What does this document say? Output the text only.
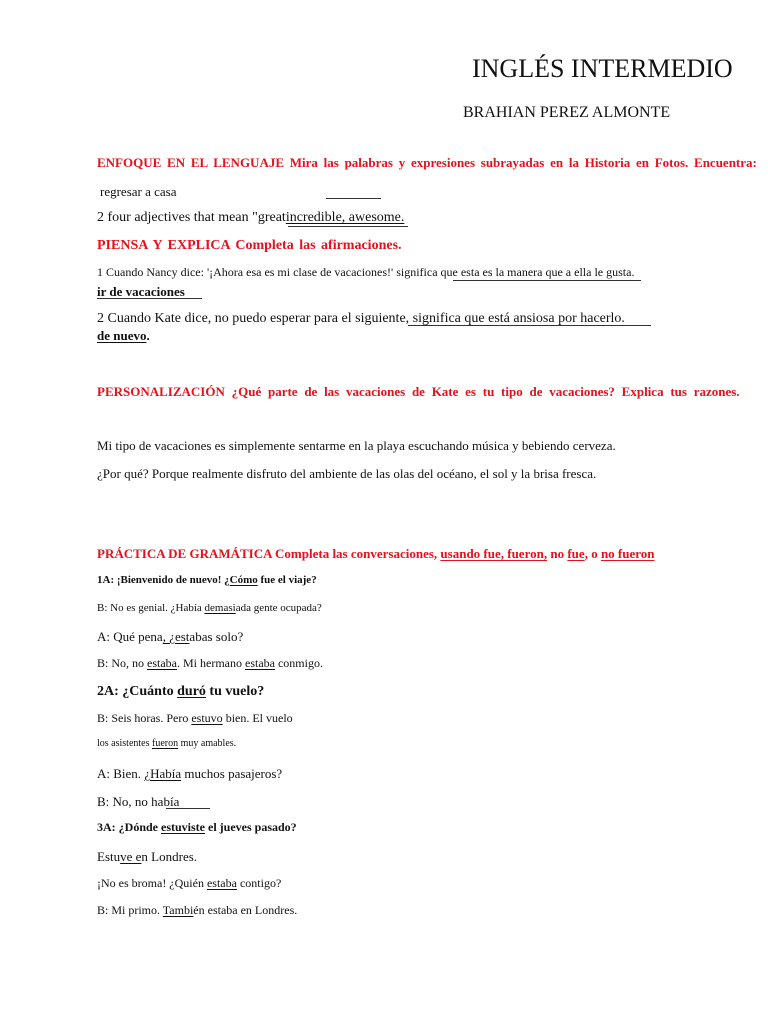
INGLÉS INTERMEDIO
BRAHIAN PEREZ ALMONTE
ENFOQUE EN EL LENGUAJE Mira las palabras y expresiones subrayadas en la Historia en Fotos. Encuentra:
regresar a casa
2 four adjectives that mean "greatincredible, awesome.
PIENSA Y EXPLICA Completa las afirmaciones.
1 Cuando Nancy dice: '¡Ahora esa es mi clase de vacaciones!' significa que esta es la manera que a ella le gusta.
ir de vacaciones
2 Cuando Kate dice, no puedo esperar para el siguiente, significa que está ansiosa por hacerlo.
de nuevo.
PERSONALIZACIÓN ¿Qué parte de las vacaciones de Kate es tu tipo de vacaciones? Explica tus razones.
Mi tipo de vacaciones es simplemente sentarme en la playa escuchando música y bebiendo cerveza.
¿Por qué? Porque realmente disfruto del ambiente de las olas del océano, el sol y la brisa fresca.
PRÁCTICA DE GRAMÁTICA Completa las conversaciones, usando fue, fueron, no fue, o no fueron
1A: ¡Bienvenido de nuevo! ¿Cómo fue el viaje?
B: No es genial. ¿Había demasiada gente ocupada?
A: Qué pena, ¿estabas solo?
B: No, no estaba. Mi hermano estaba conmigo.
2A: ¿Cuánto duró tu vuelo?
B: Seis horas. Pero estuvo bien. El vuelo
los asistentes fueron muy amables.
A: Bien. ¿Había muchos pasajeros?
B: No, no había
3A: ¿Dónde estuviste el jueves pasado?
Estuve en Londres.
¡No es broma! ¿Quién estaba contigo?
B: Mi primo. También estaba en Londres.
